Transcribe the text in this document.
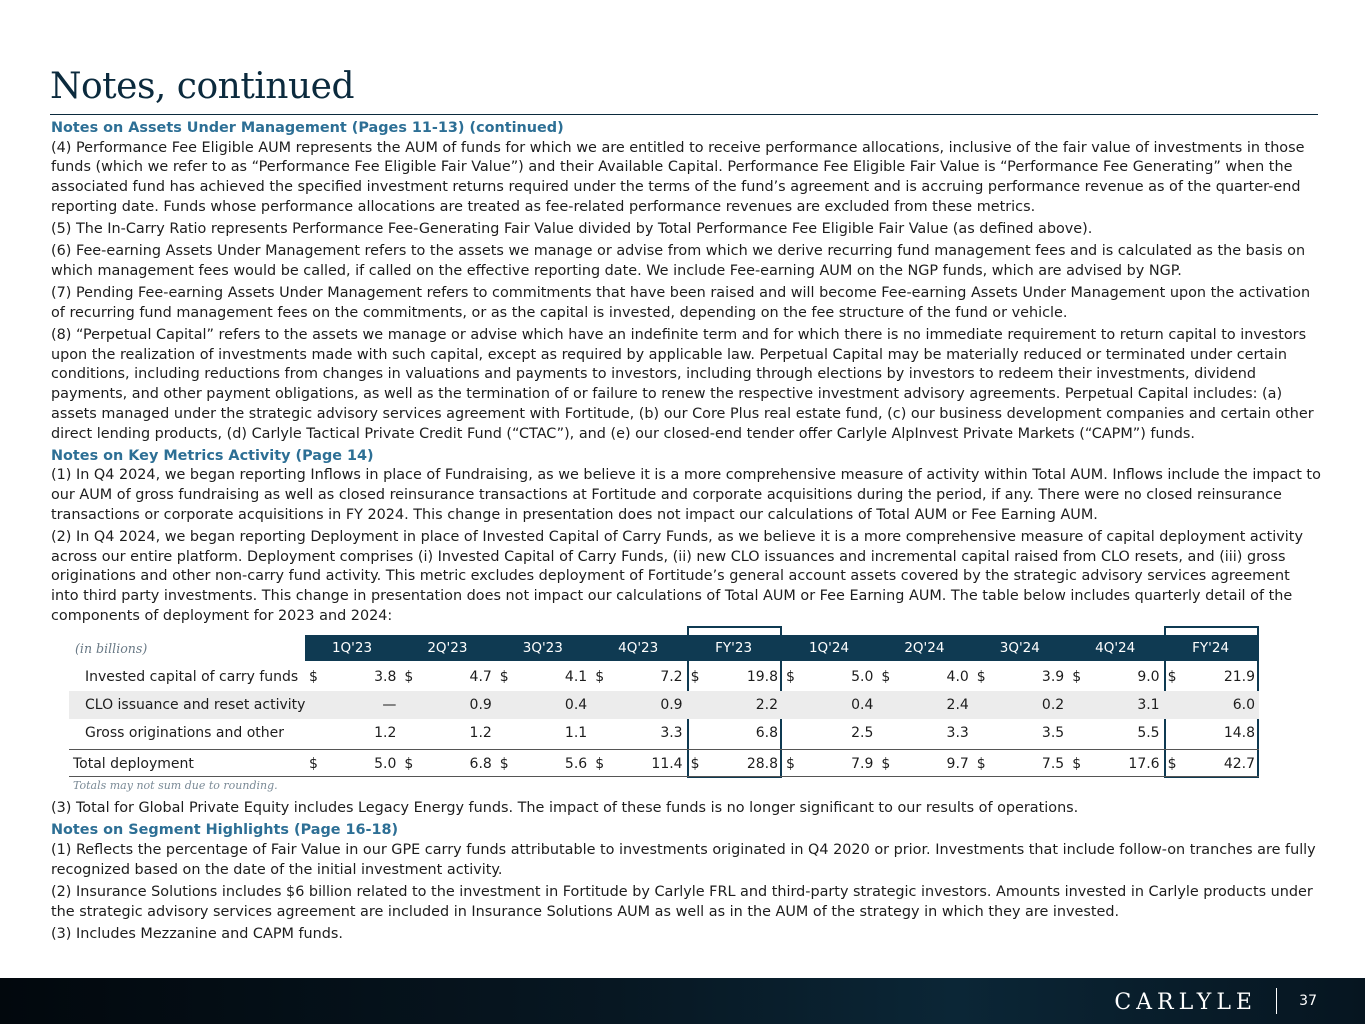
Notes, continued

Notes on Assets Under Management (Pages 11-13) (continued)

(4) Performance Fee Eligible AUM represents the AUM of funds for which we are entitled to receive performance allocations, inclusive of the fair value of investments in those funds (which we refer to as “Performance Fee Eligible Fair Value”) and their Available Capital. Performance Fee Eligible Fair Value is “Performance Fee Generating” when the associated fund has achieved the specified investment returns required under the terms of the fund’s agreement and is accruing performance revenue as of the quarter-end reporting date. Funds whose performance allocations are treated as fee-related performance revenues are excluded from these metrics.

(5) The In-Carry Ratio represents Performance Fee-Generating Fair Value divided by Total Performance Fee Eligible Fair Value (as defined above).

(6) Fee-earning Assets Under Management refers to the assets we manage or advise from which we derive recurring fund management fees and is calculated as the basis on which management fees would be called, if called on the effective reporting date. We include Fee-earning AUM on the NGP funds, which are advised by NGP.

(7) Pending Fee-earning Assets Under Management refers to commitments that have been raised and will become Fee-earning Assets Under Management upon the activation of recurring fund management fees on the commitments, or as the capital is invested, depending on the fee structure of the fund or vehicle.

(8) “Perpetual Capital” refers to the assets we manage or advise which have an indefinite term and for which there is no immediate requirement to return capital to investors upon the realization of investments made with such capital, except as required by applicable law. Perpetual Capital may be materially reduced or terminated under certain conditions, including reductions from changes in valuations and payments to investors, including through elections by investors to redeem their investments, dividend payments, and other payment obligations, as well as the termination of or failure to renew the respective investment advisory agreements. Perpetual Capital includes: (a) assets managed under the strategic advisory services agreement with Fortitude, (b) our Core Plus real estate fund, (c) our business development companies and certain other direct lending products, (d) Carlyle Tactical Private Credit Fund (“CTAC”), and (e) our closed-end tender offer Carlyle AlpInvest Private Markets (“CAPM”) funds.

Notes on Key Metrics Activity (Page 14)

(1) In Q4 2024, we began reporting Inflows in place of Fundraising, as we believe it is a more comprehensive measure of activity within Total AUM. Inflows include the impact to our AUM of gross fundraising as well as closed reinsurance transactions at Fortitude and corporate acquisitions during the period, if any. There were no closed reinsurance transactions or corporate acquisitions in FY 2024. This change in presentation does not impact our calculations of Total AUM or Fee Earning AUM.

(2) In Q4 2024, we began reporting Deployment in place of Invested Capital of Carry Funds, as we believe it is a more comprehensive measure of capital deployment activity across our entire platform. Deployment comprises (i) Invested Capital of Carry Funds, (ii) new CLO issuances and incremental capital raised from CLO resets, and (iii) gross originations and other non-carry fund activity. This metric excludes deployment of Fortitude’s general account assets covered by the strategic advisory services agreement into third party investments. This change in presentation does not impact our calculations of Total AUM or Fee Earning AUM. The table below includes quarterly detail of the components of deployment for 2023 and 2024:

(in billions)	1Q'23	2Q'23	3Q'23	4Q'23	FY'23	1Q'24	2Q'24	3Q'24	4Q'24	FY'24
Invested capital of carry funds $	3.8 $	4.7 $	4.1 $	7.2 $	19.8 $	5.0 $	4.0 $	3.9 $	9.0 $	21.9
CLO issuance and reset activity	—	0.9	0.4	0.9	2.2	0.4	2.4	0.2	3.1	6.0
Gross originations and other	1.2	1.2	1.1	3.3	6.8	2.5	3.3	3.5	5.5	14.8
Total deployment	$	5.0 $	6.8 $	5.6 $	11.4 $	28.8 $	7.9 $	9.7 $	7.5 $	17.6 $	42.7
Totals may not sum due to rounding.

(3) Total for Global Private Equity includes Legacy Energy funds. The impact of these funds is no longer significant to our results of operations.

Notes on Segment Highlights (Page 16-18)

(1) Reflects the percentage of Fair Value in our GPE carry funds attributable to investments originated in Q4 2020 or prior. Investments that include follow-on tranches are fully recognized based on the date of the initial investment activity.

(2) Insurance Solutions includes $6 billion related to the investment in Fortitude by Carlyle FRL and third-party strategic investors. Amounts invested in Carlyle products under the strategic advisory services agreement are included in Insurance Solutions AUM as well as in the AUM of the strategy in which they are invested.

(3) Includes Mezzanine and CAPM funds.

CARLYLE	37
